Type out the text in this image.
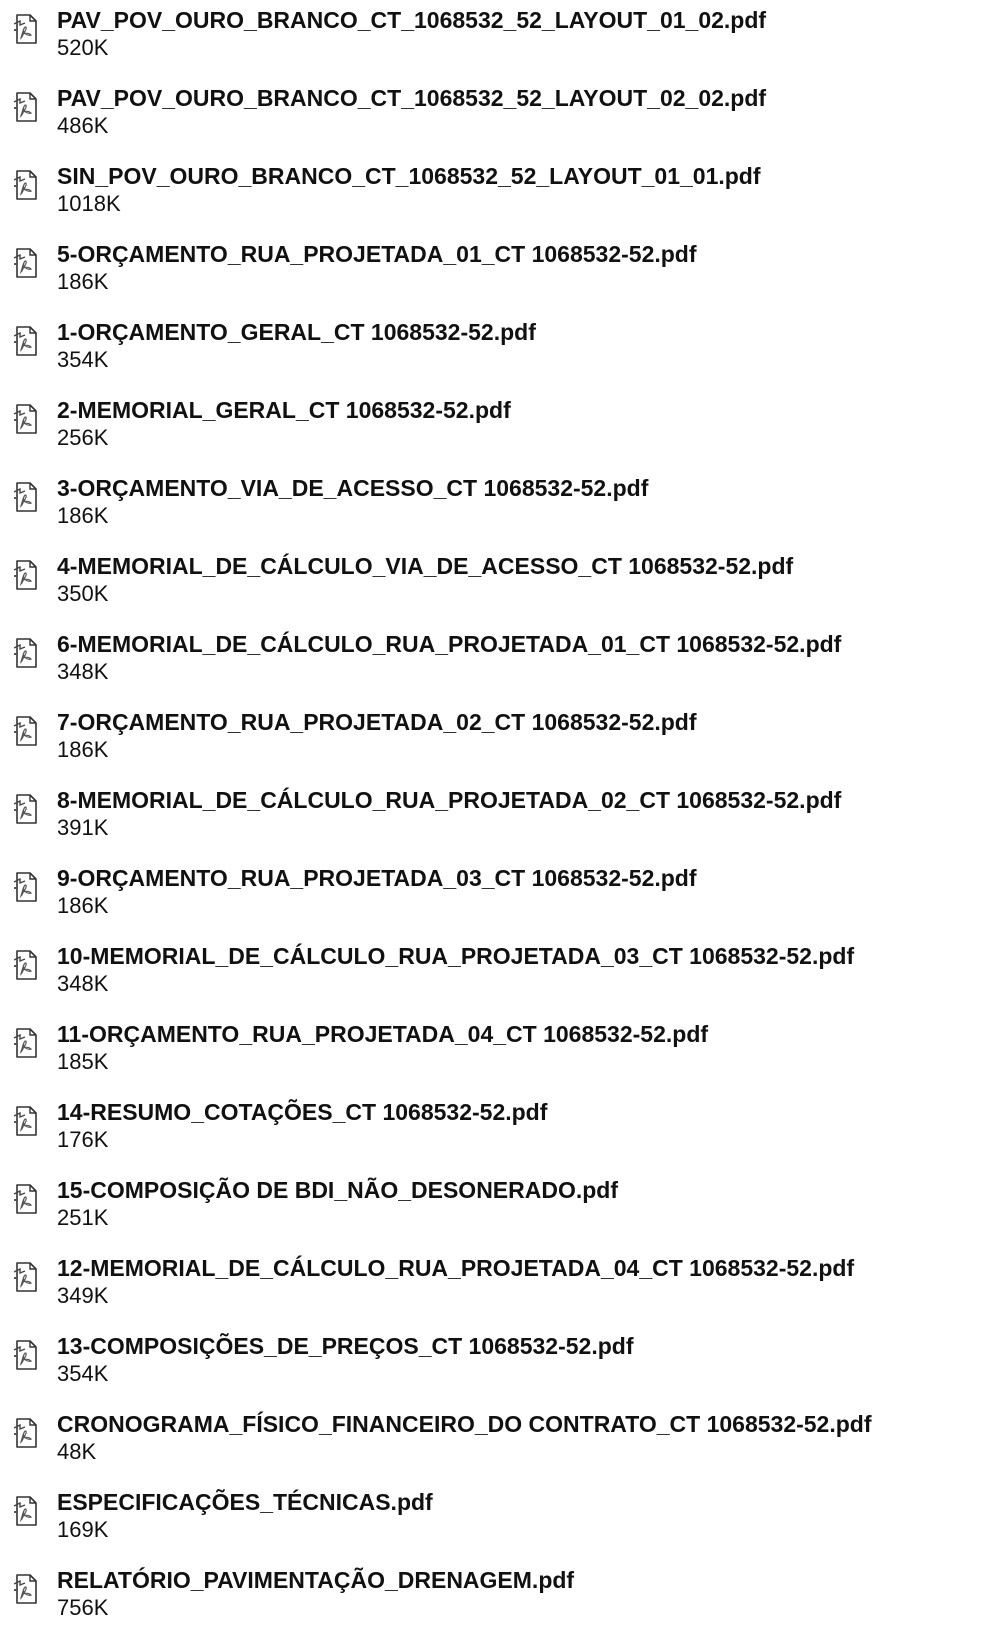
PAV_POV_OURO_BRANCO_CT_1068532_52_LAYOUT_01_02.pdf
520K
PAV_POV_OURO_BRANCO_CT_1068532_52_LAYOUT_02_02.pdf
486K
SIN_POV_OURO_BRANCO_CT_1068532_52_LAYOUT_01_01.pdf
1018K
5-ORÇAMENTO_RUA_PROJETADA_01_CT 1068532-52.pdf
186K
1-ORÇAMENTO_GERAL_CT 1068532-52.pdf
354K
2-MEMORIAL_GERAL_CT 1068532-52.pdf
256K
3-ORÇAMENTO_VIA_DE_ACESSO_CT 1068532-52.pdf
186K
4-MEMORIAL_DE_CÁLCULO_VIA_DE_ACESSO_CT 1068532-52.pdf
350K
6-MEMORIAL_DE_CÁLCULO_RUA_PROJETADA_01_CT 1068532-52.pdf
348K
7-ORÇAMENTO_RUA_PROJETADA_02_CT 1068532-52.pdf
186K
8-MEMORIAL_DE_CÁLCULO_RUA_PROJETADA_02_CT 1068532-52.pdf
391K
9-ORÇAMENTO_RUA_PROJETADA_03_CT 1068532-52.pdf
186K
10-MEMORIAL_DE_CÁLCULO_RUA_PROJETADA_03_CT 1068532-52.pdf
348K
11-ORÇAMENTO_RUA_PROJETADA_04_CT 1068532-52.pdf
185K
14-RESUMO_COTAÇÕES_CT 1068532-52.pdf
176K
15-COMPOSIÇÃO DE BDI_NÃO_DESONERADO.pdf
251K
12-MEMORIAL_DE_CÁLCULO_RUA_PROJETADA_04_CT 1068532-52.pdf
349K
13-COMPOSIÇÕES_DE_PREÇOS_CT 1068532-52.pdf
354K
CRONOGRAMA_FÍSICO_FINANCEIRO_DO CONTRATO_CT 1068532-52.pdf
48K
ESPECIFICAÇÕES_TÉCNICAS.pdf
169K
RELATÓRIO_PAVIMENTAÇÃO_DRENAGEM.pdf
756K
